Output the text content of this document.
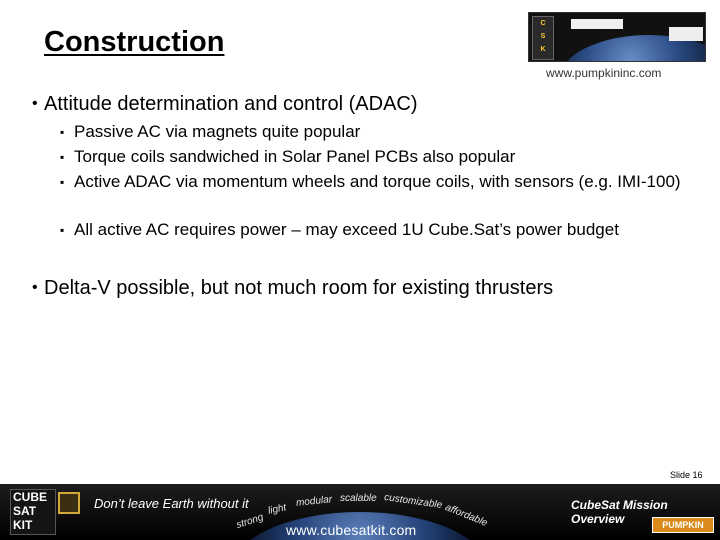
Construction
C
S
K
www.pumpkininc.com
• Attitude determination and control (ADAC)
▪ Passive AC via magnets quite popular
▪ Torque coils sandwiched in Solar Panel PCBs also popular
▪ Active ADAC via momentum wheels and torque coils, with sensors (e.g. IMI-100)
▪ All active AC requires power – may exceed 1U Cube.Sat’s power budget
• Delta-V possible, but not much room for existing thrusters
Slide 16
CUBE
SAT
KIT
Don’t leave Earth without it
strong
light
modular scalable customizable
affordable
www.cubesatkit.com
CubeSat Mission Overview	PUMPKIN
